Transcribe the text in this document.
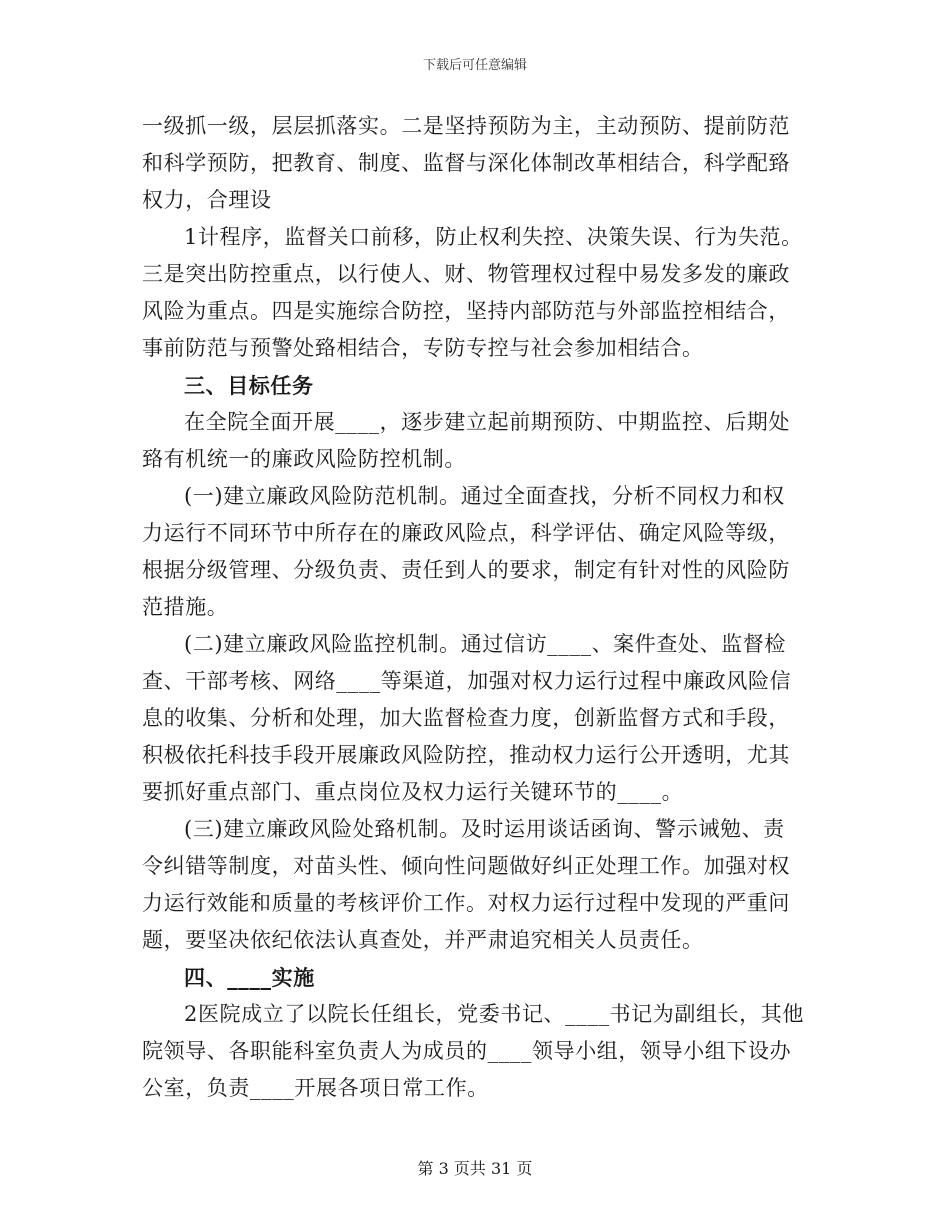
下载后可任意编辑
一级抓一级，层层抓落实。二是坚持预防为主，主动预防、提前防范
和科学预防，把教育、制度、监督与深化体制改革相结合，科学配臵
权力，合理设
1计程序，监督关口前移，防止权利失控、决策失误、行为失范。
三是突出防控重点，以行使人、财、物管理权过程中易发多发的廉政
风险为重点。四是实施综合防控，坚持内部防范与外部监控相结合，
事前防范与预警处臵相结合，专防专控与社会参加相结合。
三、目标任务
在全院全面开展____，逐步建立起前期预防、中期监控、后期处
臵有机统一的廉政风险防控机制。
(一)建立廉政风险防范机制。通过全面查找，分析不同权力和权
力运行不同环节中所存在的廉政风险点，科学评估、确定风险等级，
根据分级管理、分级负责、责任到人的要求，制定有针对性的风险防
范措施。
(二)建立廉政风险监控机制。通过信访____、案件查处、监督检
查、干部考核、网络____等渠道，加强对权力运行过程中廉政风险信
息的收集、分析和处理，加大监督检查力度，创新监督方式和手段，
积极依托科技手段开展廉政风险防控，推动权力运行公开透明，尤其
要抓好重点部门、重点岗位及权力运行关键环节的____。
(三)建立廉政风险处臵机制。及时运用谈话函询、警示诫勉、责
令纠错等制度，对苗头性、倾向性问题做好纠正处理工作。加强对权
力运行效能和质量的考核评价工作。对权力运行过程中发现的严重问
题，要坚决依纪依法认真查处，并严肃追究相关人员责任。
四、____实施
2医院成立了以院长任组长，党委书记、____书记为副组长，其他
院领导、各职能科室负责人为成员的____领导小组，领导小组下设办
公室，负责____开展各项日常工作。
第 3 页共 31 页
